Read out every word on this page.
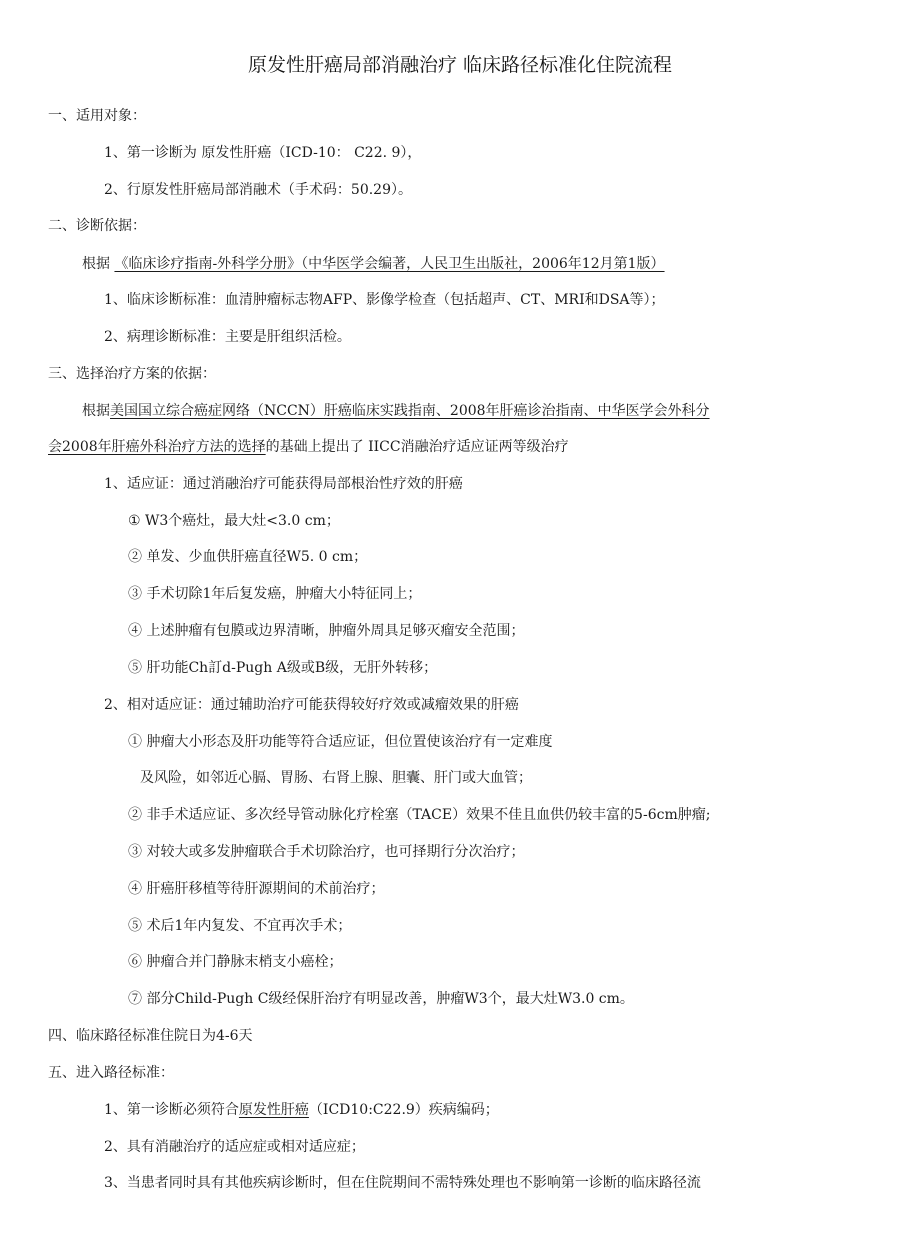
原发性肝癌局部消融治疗 临床路径标准化住院流程
一、适用对象：
1、第一诊断为 原发性肝癌（ICD-10： C22. 9），
2、行原发性肝癌局部消融术（手术码：50.29）。
二、诊断依据：
根据 《临床诊疗指南-外科学分册》（中华医学会编著，人民卫生出版社，2006年12月第1版）
1、临床诊断标准：血清肿瘤标志物AFP、影像学检查（包括超声、CT、MRI和DSA等）；
2、病理诊断标准：主要是肝组织活检。
三、选择治疗方案的依据：
根据美国国立综合癌症网络（NCCN）肝癌临床实践指南、2008年肝癌诊治指南、中华医学会外科分
会2008年肝癌外科治疗方法的选择的基础上提出了 IICC消融治疗适应证两等级治疗
1、适应证：通过消融治疗可能获得局部根治性疗效的肝癌
① W3个癌灶，最大灶<3.0 cm；
② 单发、少血供肝癌直径W5. 0 cm；
③ 手术切除1年后复发癌，肿瘤大小特征同上；
④ 上述肿瘤有包膜或边界清晰，肿瘤外周具足够灭瘤安全范围；
⑤ 肝功能Ch訂d-Pugh A级或B级，无肝外转移；
2、相对适应证：通过辅助治疗可能获得较好疗效或减瘤效果的肝癌
① 肿瘤大小形态及肝功能等符合适应证，但位置使该治疗有一定难度
及风险，如邻近心膈、胃肠、右肾上腺、胆囊、肝门或大血管；
② 非手术适应证、多次经导管动脉化疗栓塞（TACE）效果不佳且血供仍较丰富的5-6cm肿瘤;
③ 对较大或多发肿瘤联合手术切除治疗，也可择期行分次治疗；
④ 肝癌肝移植等待肝源期间的术前治疗；
⑤ 术后1年内复发、不宜再次手术；
⑥ 肿瘤合并门静脉末梢支小癌栓；
⑦ 部分Child-Pugh C级经保肝治疗有明显改善，肿瘤W3个，最大灶W3.0 cm。
四、临床路径标准住院日为4-6天
五、进入路径标准：
1、第一诊断必须符合原发性肝癌（ICD10:C22.9）疾病编码；
2、具有消融治疗的适应症或相对适应症；
3、当患者同时具有其他疾病诊断时，但在住院期间不需特殊处理也不影响第一诊断的临床路径流
